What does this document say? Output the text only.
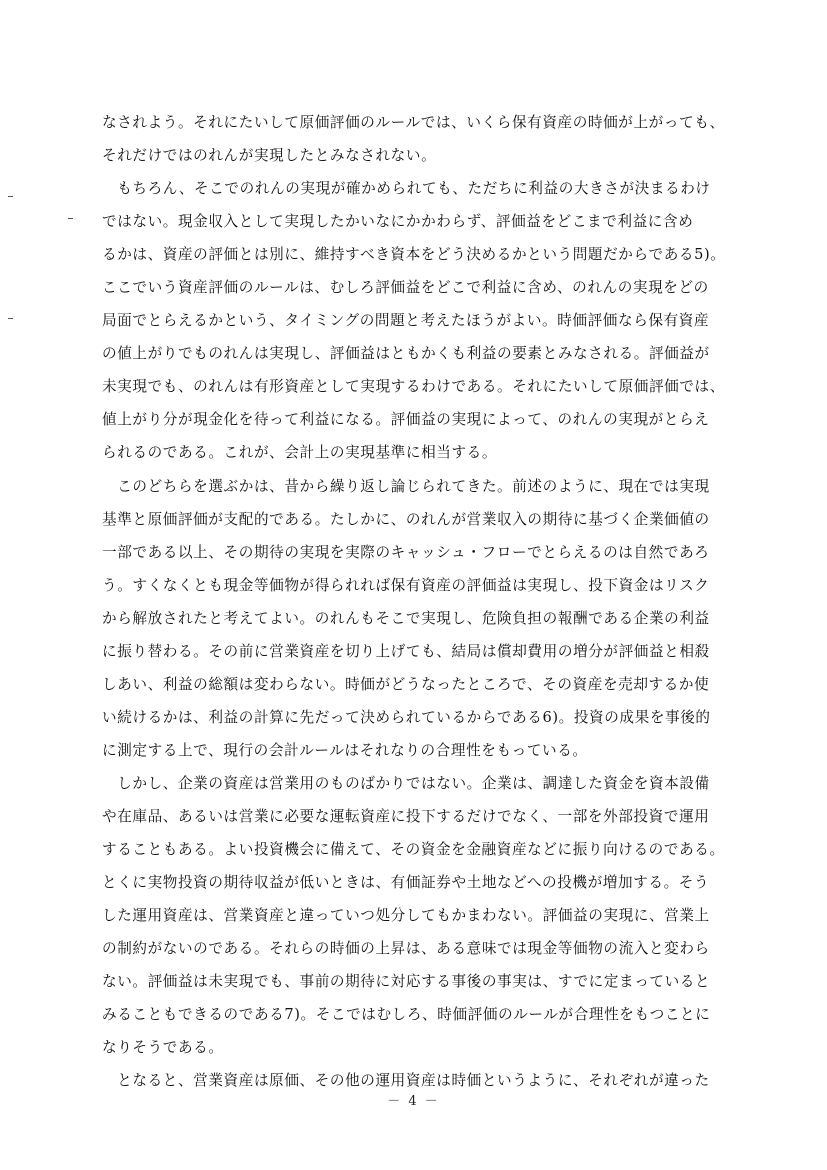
なされよう。それにたいして原価評価のルールでは、いくら保有資産の時価が上がっても、
それだけではのれんが実現したとみなされない。
　もちろん、そこでのれんの実現が確かめられても、ただちに利益の大きさが決まるわけ
ではない。現金収入として実現したかいなにかかわらず、評価益をどこまで利益に含め
るかは、資産の評価とは別に、維持すべき資本をどう決めるかという問題だからである5)。
ここでいう資産評価のルールは、むしろ評価益をどこで利益に含め、のれんの実現をどの
局面でとらえるかという、タイミングの問題と考えたほうがよい。時価評価なら保有資産
の値上がりでものれんは実現し、評価益はともかくも利益の要素とみなされる。評価益が
未実現でも、のれんは有形資産として実現するわけである。それにたいして原価評価では、
値上がり分が現金化を待って利益になる。評価益の実現によって、のれんの実現がとらえ
られるのである。これが、会計上の実現基準に相当する。
　このどちらを選ぶかは、昔から繰り返し論じられてきた。前述のように、現在では実現
基準と原価評価が支配的である。たしかに、のれんが営業収入の期待に基づく企業価値の
一部である以上、その期待の実現を実際のキャッシュ・フローでとらえるのは自然であろ
う。すくなくとも現金等価物が得られれば保有資産の評価益は実現し、投下資金はリスク
から解放されたと考えてよい。のれんもそこで実現し、危険負担の報酬である企業の利益
に振り替わる。その前に営業資産を切り上げても、結局は償却費用の増分が評価益と相殺
しあい、利益の総額は変わらない。時価がどうなったところで、その資産を売却するか使
い続けるかは、利益の計算に先だって決められているからである6)。投資の成果を事後的
に測定する上で、現行の会計ルールはそれなりの合理性をもっている。
　しかし、企業の資産は営業用のものばかりではない。企業は、調達した資金を資本設備
や在庫品、あるいは営業に必要な運転資産に投下するだけでなく、一部を外部投資で運用
することもある。よい投資機会に備えて、その資金を金融資産などに振り向けるのである。
とくに実物投資の期待収益が低いときは、有価証券や土地などへの投機が増加する。そう
した運用資産は、営業資産と違っていつ処分してもかまわない。評価益の実現に、営業上
の制約がないのである。それらの時価の上昇は、ある意味では現金等価物の流入と変わら
ない。評価益は未実現でも、事前の期待に対応する事後の事実は、すでに定まっていると
みることもできるのである7)。そこではむしろ、時価評価のルールが合理性をもつことに
なりそうである。
　となると、営業資産は原価、その他の運用資産は時価というように、それぞれが違った
－ 4 －
